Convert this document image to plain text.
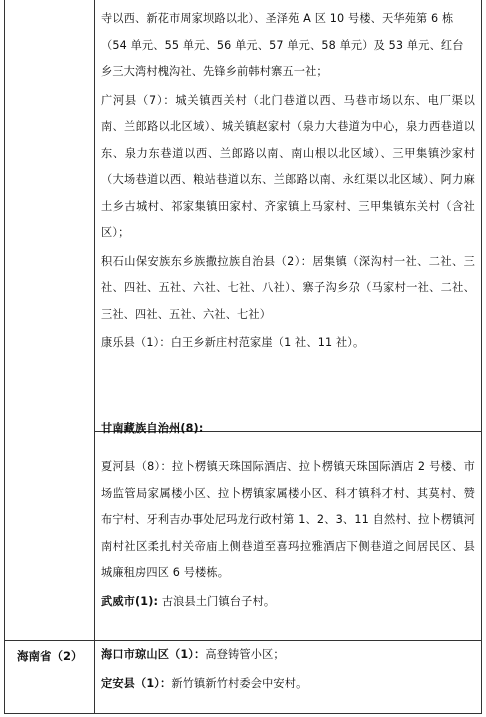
寺以西、新花市周家坝路以北）、圣泽苑 A 区 10 号楼、天华苑第 6 栋

（54 单元、55 单元、56 单元、57 单元、58 单元）及 53 单元、红台

乡三大湾村槐沟社、先锋乡前韩村寨五一社；

广河县（7）：城关镇西关村（北门巷道以西、马巷市场以东、电厂渠以南、兰郎路以北区域）、城关镇赵家村（泉力大巷道为中心，泉力西巷道以东、泉力东巷道以西、兰郎路以南、南山根以北区域）、三甲集镇沙家村（大场巷道以西、粮站巷道以东、兰郎路以南、永红渠以北区域）、阿力麻土乡古城村、祁家集镇田家村、齐家镇上马家村、三甲集镇东关村（含社区）；

积石山保安族东乡族撒拉族自治县（2）：居集镇（深沟村一社、二社、三社、四社、五社、六社、七社、八社）、寨子沟乡尕（马家村一社、二社、三社、四社、五社、六社、七社）

康乐县（1）：白王乡新庄村范家崖（1 社、11 社）。

甘南藏族自治州(8):

夏河县（8）：拉卜楞镇天珠国际酒店、拉卜楞镇天珠国际酒店 2 号楼、市场监管局家属楼小区、拉卜楞镇家属楼小区、科才镇科才村、其莫村、赞布宁村、牙利吉办事处尼玛龙行政村第 1、2、3、11 自然村、拉卜楞镇河南村社区柔扎村关帝庙上侧巷道至喜玛拉雅酒店下侧巷道之间居民区、县城廉租房四区 6 号楼栋。

武威市(1): 古浪县土门镇台子村。

海南省（2）	海口市琼山区（1）：高登铸管小区；

定安县（1）：新竹镇新竹村委会中安村。
